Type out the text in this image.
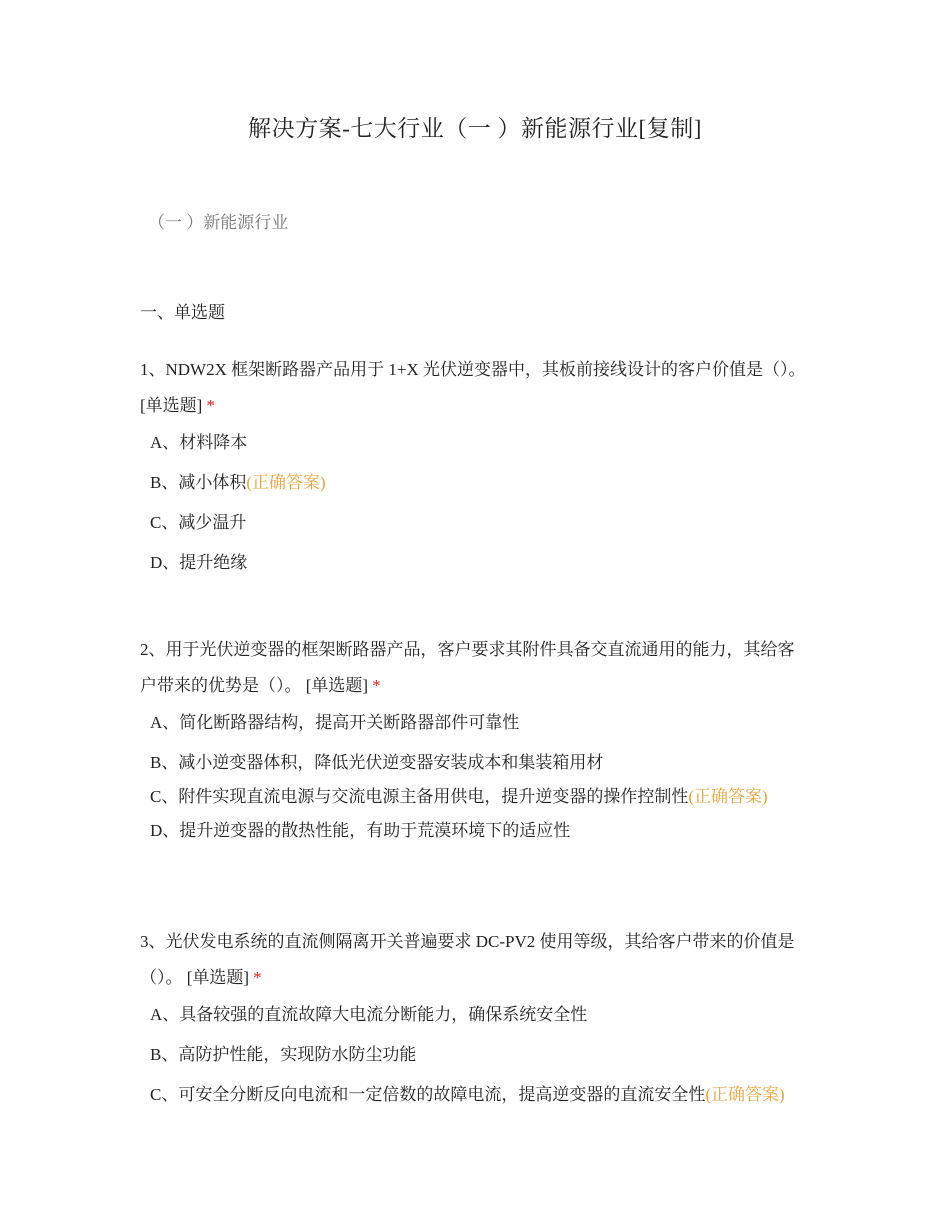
解决方案-七大行业（一 ）新能源行业[复制]
（一 ）新能源行业
一、单选题
1、NDW2X 框架断路器产品用于 1+X 光伏逆变器中，其板前接线设计的客户价值是（）。 [单选题] *
A、材料降本
B、减小体积(正确答案)
C、减少温升
D、提升绝缘
2、用于光伏逆变器的框架断路器产品，客户要求其附件具备交直流通用的能力，其给客户带来的优势是（）。 [单选题] *
A、简化断路器结构，提高开关断路器部件可靠性
B、减小逆变器体积，降低光伏逆变器安装成本和集装箱用材
C、附件实现直流电源与交流电源主备用供电，提升逆变器的操作控制性(正确答案)
D、提升逆变器的散热性能，有助于荒漠环境下的适应性
3、光伏发电系统的直流侧隔离开关普遍要求 DC-PV2 使用等级，其给客户带来的价值是（）。 [单选题] *
A、具备较强的直流故障大电流分断能力，确保系统安全性
B、高防护性能，实现防水防尘功能
C、可安全分断反向电流和一定倍数的故障电流，提高逆变器的直流安全性(正确答案)
